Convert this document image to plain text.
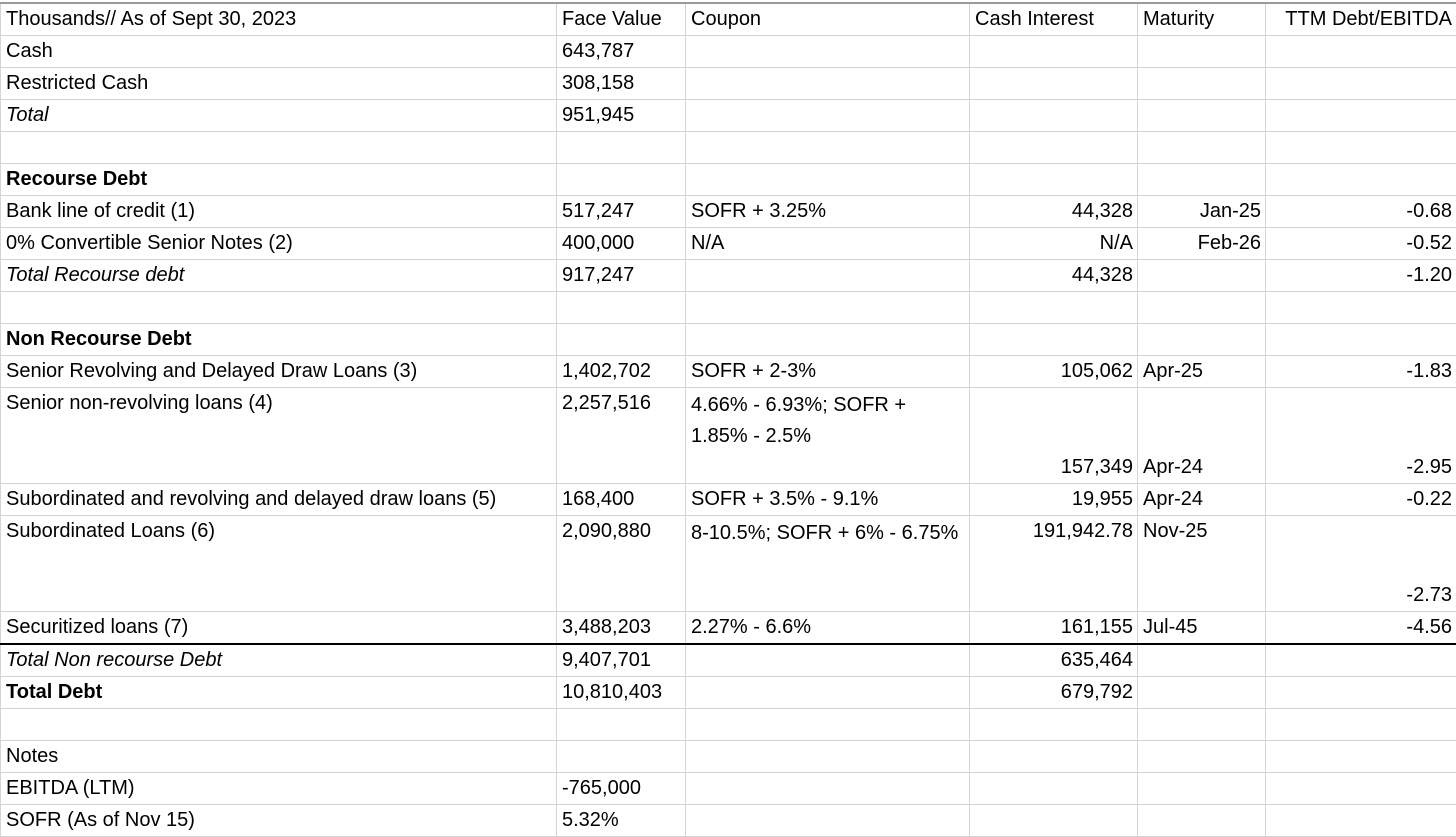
Thousands// As of Sept 30, 2023	Face Value	Coupon	Cash Interest	Maturity	TTM Debt/EBITDA
Cash	643,787				
Restricted Cash	308,158				
Total	951,945				

Recourse Debt					
Bank line of credit (1)	517,247	SOFR + 3.25%	44,328	Jan-25	-0.68
0% Convertible Senior Notes (2)	400,000	N/A	N/A	Feb-26	-0.52
Total Recourse debt	917,247		44,328		-1.20

Non Recourse Debt					
Senior Revolving and Delayed Draw Loans (3)	1,402,702	SOFR + 2-3%	105,062	Apr-25	-1.83
Senior non-revolving loans (4)	2,257,516	4.66% - 6.93%; SOFR + 1.85% - 2.5%	157,349	Apr-24	-2.95
Subordinated and revolving and delayed draw loans (5)	168,400	SOFR + 3.5% - 9.1%	19,955	Apr-24	-0.22
Subordinated Loans (6)	2,090,880	8-10.5%; SOFR + 6% - 6.75%	191,942.78	Nov-25	-2.73
Securitized loans (7)	3,488,203	2.27% - 6.6%	161,155	Jul-45	-4.56
Total Non recourse Debt	9,407,701		635,464		
Total Debt	10,810,403		679,792		

Notes					
EBITDA (LTM)	-765,000				
SOFR (As of Nov 15)	5.32%				
